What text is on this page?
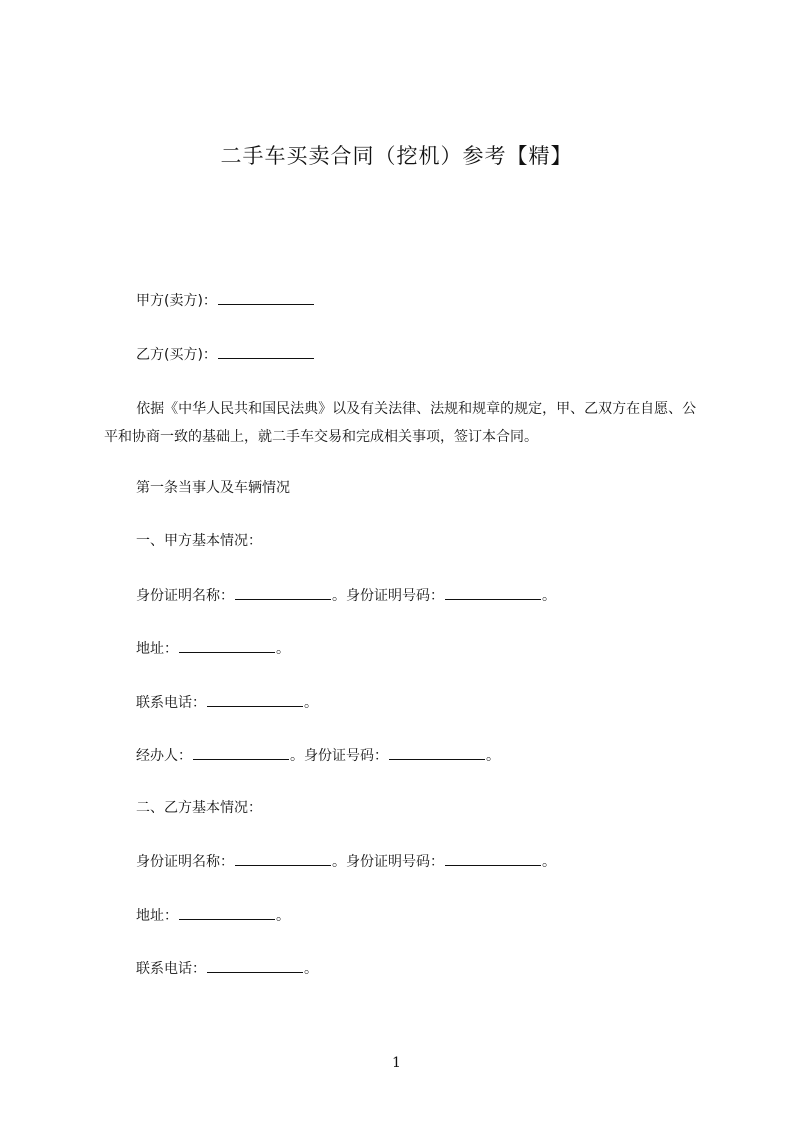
二手车买卖合同（挖机）参考【精】
甲方(卖方)：
乙方(买方)：

依据《中华人民共和国民法典》以及有关法律、法规和规章的规定，甲、乙双方在自愿、公平和协商一致的基础上，就二手车交易和完成相关事项，签订本合同。

第一条当事人及车辆情况
一、甲方基本情况：
身份证明名称：	。身份证明号码：	。
地址：	。
联系电话：	。
经办人：	。身份证号码：	。
二、乙方基本情况：
身份证明名称：	。身份证明号码：	。
地址：	。
联系电话：	。
1
